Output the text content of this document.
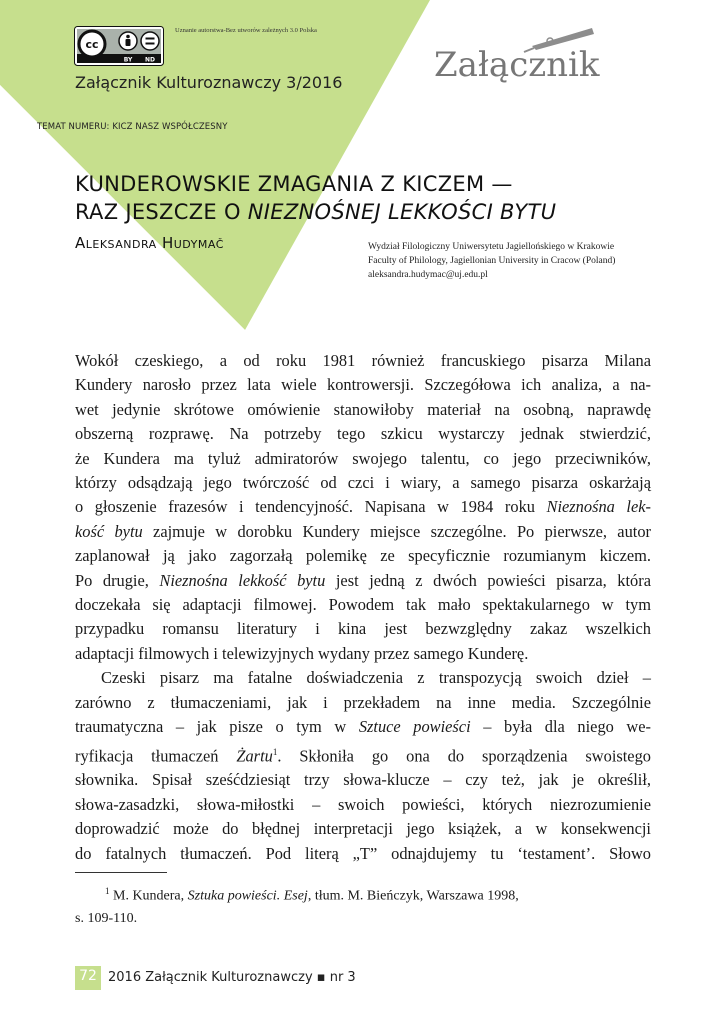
cc
BY ND
Uznanie autorstwa-Bez utworów zależnych 3.0 Polska
Załącznik
Załącznik Kulturoznawczy 3/2016
TEMAT NUMERU: KICZ NASZ WSPÓŁCZESNY
KUNDEROWSKIE ZMAGANIA Z KICZEM —
RAZ JESZCZE O NIEZNOŚNEJ LEKKOŚCI BYTU
Aleksandra Hudymač	Wydział Filologiczny Uniwersytetu Jagiellońskiego w Krakowie
Faculty of Philology, Jagiellonian University in Cracow (Poland)
aleksandra.hudymac@uj.edu.pl

Wokół czeskiego, a od roku 1981 również francuskiego pisarza Milana

Kundery narosło przez lata wiele kontrowersji. Szczegółowa ich analiza, a na-

wet jedynie skrótowe omówienie stanowiłoby materiał na osobną, naprawdę

obszerną rozprawę. Na potrzeby tego szkicu wystarczy jednak stwierdzić,

że Kundera ma tyluż admiratorów swojego talentu, co jego przeciwników,

którzy odsądzają jego twórczość od czci i wiary, a samego pisarza oskarżają

o głoszenie frazesów i tendencyjność. Napisana w 1984 roku Nieznośna lek-

kość bytu zajmuje w dorobku Kundery miejsce szczególne. Po pierwsze, autor

zaplanował ją jako zagorzałą polemikę ze specyficznie rozumianym kiczem.

Po drugie, Nieznośna lekkość bytu jest jedną z dwóch powieści pisarza, która

doczekała się adaptacji filmowej. Powodem tak mało spektakularnego w tym

przypadku romansu literatury i kina jest bezwzględny zakaz wszelkich

adaptacji filmowych i telewizyjnych wydany przez samego Kunderę.

Czeski pisarz ma fatalne doświadczenia z transpozycją swoich dzieł –

zarówno z tłumaczeniami, jak i przekładem na inne media. Szczególnie

traumatyczna – jak pisze o tym w Sztuce powieści – była dla niego we-

ryfikacja tłumaczeń Żartu$^1$. Skłoniła go ona do sporządzenia swoistego

słownika. Spisał sześćdziesiąt trzy słowa-klucze – czy też, jak je określił,

słowa-zasadzki, słowa-miłostki – swoich powieści, których niezrozumienie

doprowadzić może do błędnej interpretacji jego książek, a w konsekwencji

do fatalnych tłumaczeń. Pod literą „T” odnajdujemy tu ‘testament’. Słowo

$^1$ M. Kundera, Sztuka powieści. Esej, tłum. M. Bieńczyk, Warszawa 1998,
s. 109-110.
72 2016 Załącznik Kulturoznawczy ▪ nr 3
